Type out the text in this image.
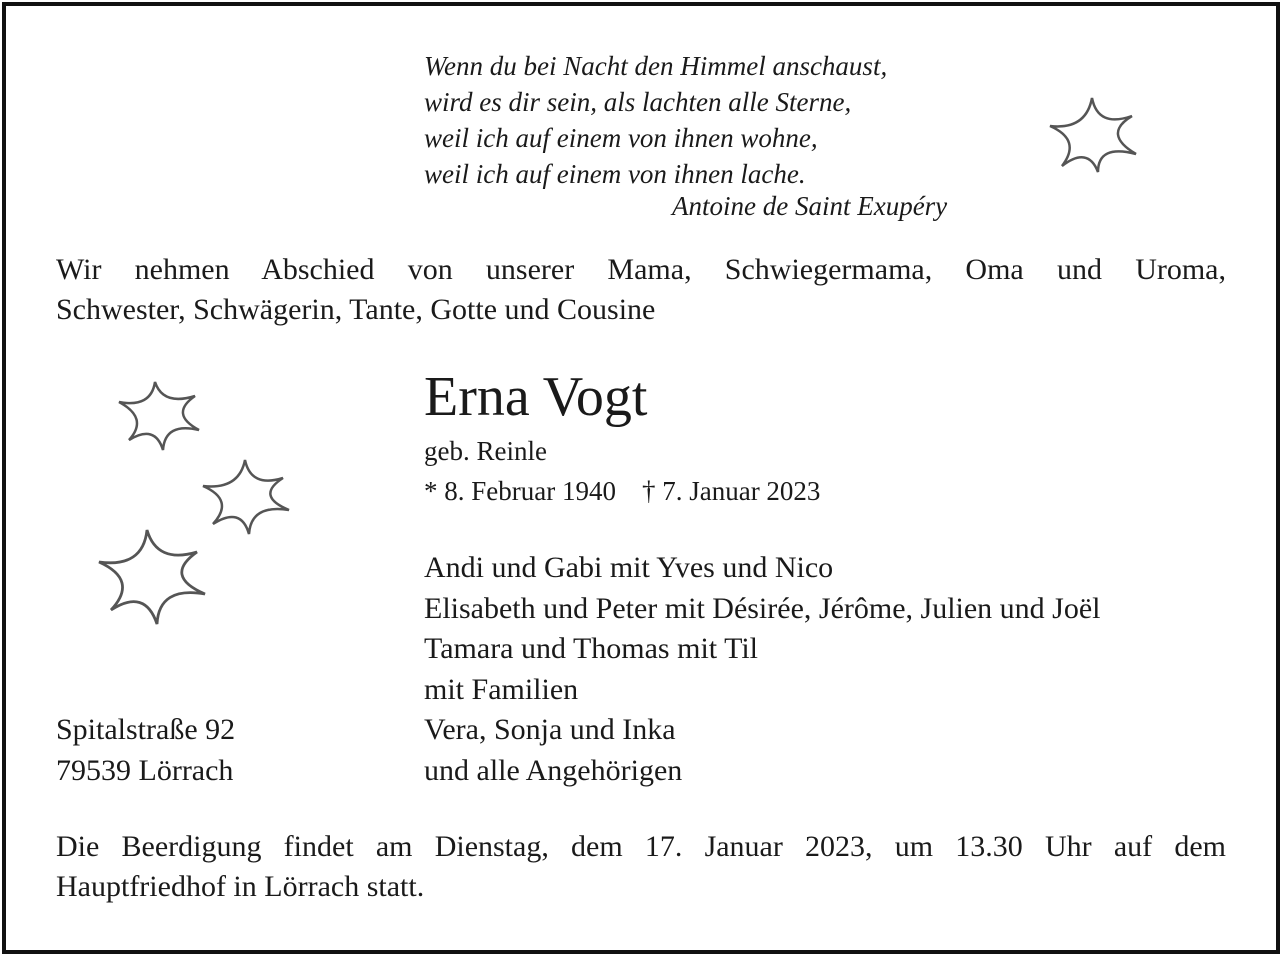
Wenn du bei Nacht den Himmel anschaust,
wird es dir sein, als lachten alle Sterne,
weil ich auf einem von ihnen wohne,
weil ich auf einem von ihnen lache.
Antoine de Saint Exupéry
Wir nehmen Abschied von unserer Mama, Schwiegermama, Oma und Uroma,
Schwester, Schwägerin, Tante, Gotte und Cousine
Erna Vogt
geb. Reinle
* 8. Februar 1940 † 7. Januar 2023
Andi und Gabi mit Yves und Nico
Elisabeth und Peter mit Désirée, Jérôme, Julien und Joël
Tamara und Thomas mit Til
mit Familien
Vera, Sonja und Inka
und alle Angehörigen
Spitalstraße 92
79539 Lörrach
Die Beerdigung findet am Dienstag, dem 17. Januar 2023, um 13.30 Uhr auf dem
Hauptfriedhof in Lörrach statt.
